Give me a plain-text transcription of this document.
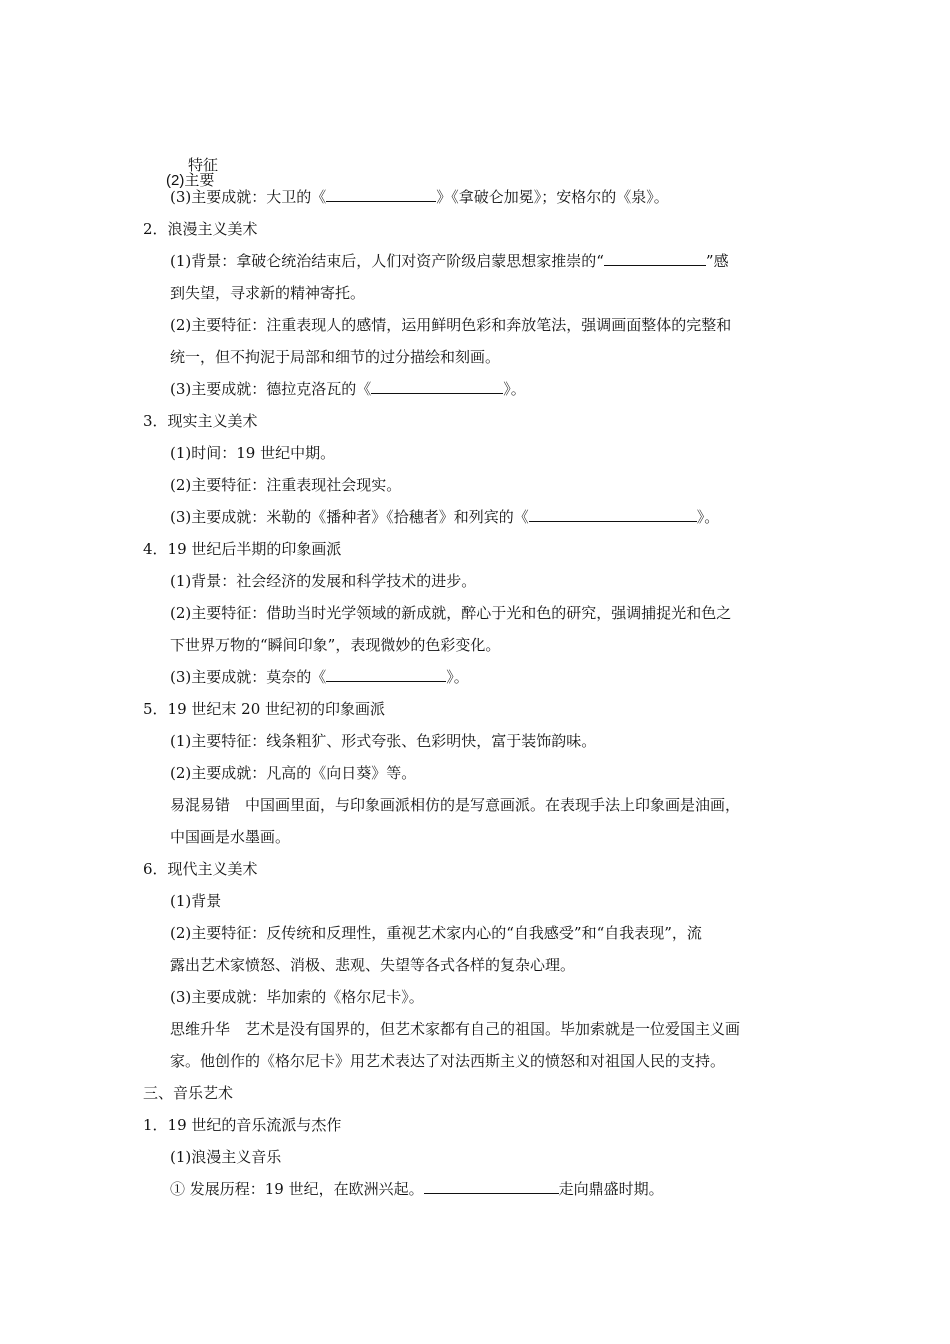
特征
(2)主要
(3)主要成就：大卫的《	》《拿破仑加冕》；安格尔的《泉》。
2．浪漫主义美术
(1)背景：拿破仑统治结束后，人们对资产阶级启蒙思想家推崇的“	”感
到失望，寻求新的精神寄托。
(2)主要特征：注重表现人的感情，运用鲜明色彩和奔放笔法，强调画面整体的完整和
统一，但不拘泥于局部和细节的过分描绘和刻画。
(3)主要成就：德拉克洛瓦的《	》。
3．现实主义美术
(1)时间：19 世纪中期。
(2)主要特征：注重表现社会现实。
(3)主要成就：米勒的《播种者》《拾穗者》和列宾的《	》。
4．19 世纪后半期的印象画派
(1)背景：社会经济的发展和科学技术的进步。
(2)主要特征：借助当时光学领域的新成就，醉心于光和色的研究，强调捕捉光和色之
下世界万物的“瞬间印象”，表现微妙的色彩变化。
(3)主要成就：莫奈的《	》。
5．19 世纪末 20 世纪初的印象画派
(1)主要特征：线条粗犷、形式夸张、色彩明快，富于装饰韵味。
(2)主要成就：凡高的《向日葵》等。
易混易错　中国画里面，与印象画派相仿的是写意画派。在表现手法上印象画是油画，
中国画是水墨画。
6．现代主义美术
(1)背景
(2)主要特征：反传统和反理性，重视艺术家内心的“自我感受”和“自我表现”，流
露出艺术家愤怒、消极、悲观、失望等各式各样的复杂心理。
(3)主要成就：毕加索的《格尔尼卡》。
思维升华　艺术是没有国界的，但艺术家都有自己的祖国。毕加索就是一位爱国主义画
家。他创作的《格尔尼卡》用艺术表达了对法西斯主义的愤怒和对祖国人民的支持。
三、音乐艺术
1．19 世纪的音乐流派与杰作
(1)浪漫主义音乐
① 发展历程：19 世纪，在欧洲兴起。	走向鼎盛时期。
